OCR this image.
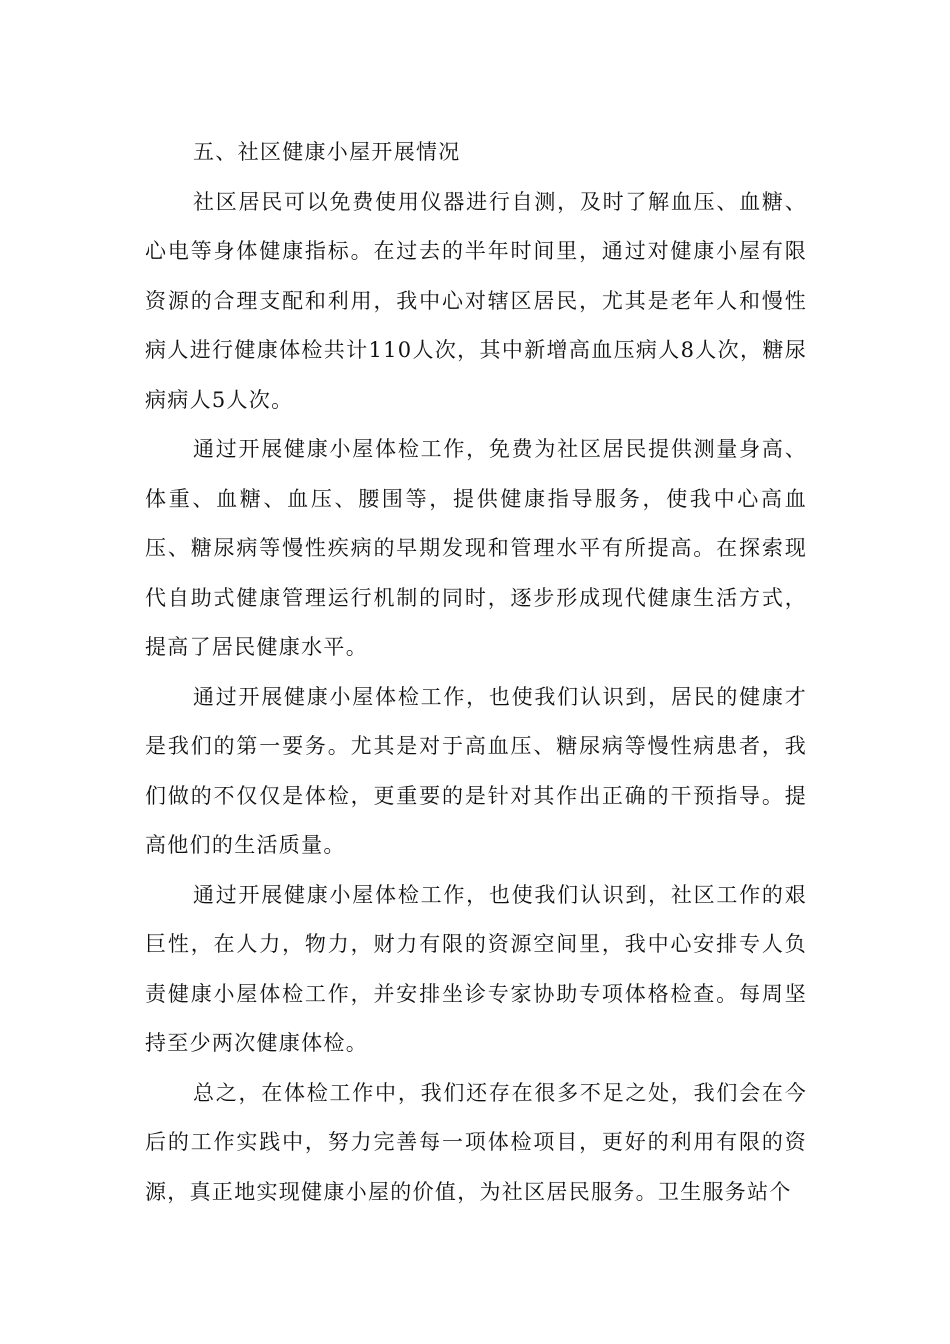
五、社区健康小屋开展情况

社区居民可以免费使用仪器进行自测，及时了解血压、血糖、心电等身体健康指标。在过去的半年时间里，通过对健康小屋有限资源的合理支配和利用，我中心对辖区居民，尤其是老年人和慢性病人进行健康体检共计110人次，其中新增高血压病人8人次，糖尿病病人5人次。

通过开展健康小屋体检工作，免费为社区居民提供测量身高、体重、血糖、血压、腰围等，提供健康指导服务，使我中心高血压、糖尿病等慢性疾病的早期发现和管理水平有所提高。在探索现代自助式健康管理运行机制的同时，逐步形成现代健康生活方式，提高了居民健康水平。

通过开展健康小屋体检工作，也使我们认识到，居民的健康才是我们的第一要务。尤其是对于高血压、糖尿病等慢性病患者，我们做的不仅仅是体检，更重要的是针对其作出正确的干预指导。提高他们的生活质量。

通过开展健康小屋体检工作，也使我们认识到，社区工作的艰巨性，在人力，物力，财力有限的资源空间里，我中心安排专人负责健康小屋体检工作，并安排坐诊专家协助专项体格检查。每周坚持至少两次健康体检。

总之，在体检工作中，我们还存在很多不足之处，我们会在今后的工作实践中，努力完善每一项体检项目，更好的利用有限的资源，真正地实现健康小屋的价值，为社区居民服务。卫生服务站个
